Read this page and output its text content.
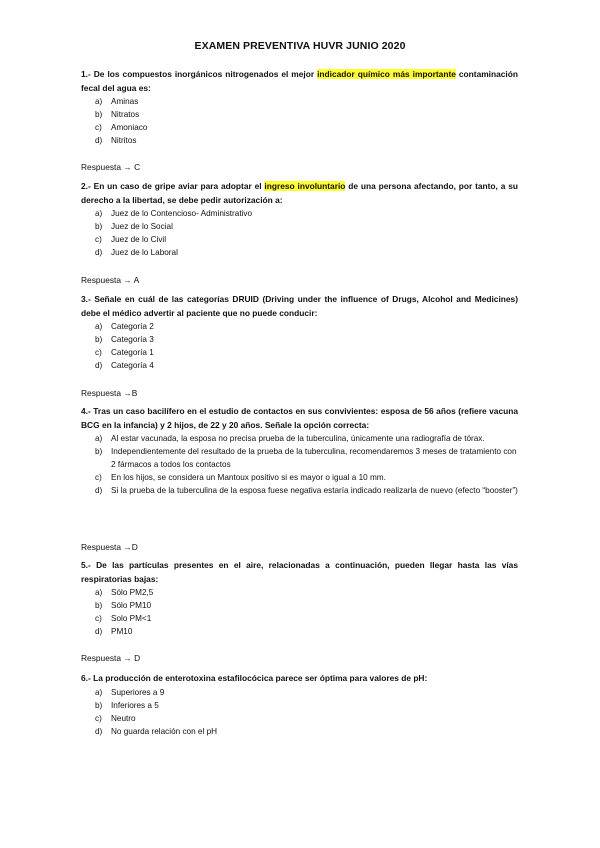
EXAMEN PREVENTIVA HUVR JUNIO 2020
1.- De los compuestos inorgánicos nitrogenados el mejor indicador químico más importante contaminación fecal del agua es:
a) Aminas
b) Nitratos
c) Amoniaco
d) Nitritos
Respuesta → C
2.- En un caso de gripe aviar para adoptar el ingreso involuntario de una persona afectando, por tanto, a su derecho a la libertad, se debe pedir autorización a:
a) Juez de lo Contencioso- Administrativo
b) Juez de lo Social
c) Juez de lo Civil
d) Juez de lo Laboral
Respuesta → A
3.- Señale en cuál de las categorías DRUID (Driving under the influence of Drugs, Alcohol and Medicines) debe el médico advertir al paciente que no puede conducir:
a) Categoría 2
b) Categoría 3
c) Categoría 1
d) Categoría 4
Respuesta →B
4.- Tras un caso bacilífero en el estudio de contactos en sus convivientes: esposa de 56 años (refiere vacuna BCG en la infancia) y 2 hijos, de 22 y 20 años. Señale la opción correcta:
a) Al estar vacunada, la esposa no precisa prueba de la tuberculina, únicamente una radiografía de tórax.
b) Independientemente del resultado de la prueba de la tuberculina, recomendaremos 3 meses de tratamiento con 2 fármacos a todos los contactos
c) En los hijos, se considera un Mantoux positivo si es mayor o igual a 10 mm.
d) Si la prueba de la tuberculina de la esposa fuese negativa estaría indicado realizarla de nuevo (efecto “booster”)
Respuesta →D
5.- De las partículas presentes en el aire, relacionadas a continuación, pueden llegar hasta las vías respiratorias bajas:
a) Sólo PM2,5
b) Sólo PM10
c) Solo PM<1
d) PM10
Respuesta → D
6.- La producción de enterotoxina estafilocócica parece ser óptima para valores de pH:
a) Superiores a 9
b) Inferiores a 5
c) Neutro
d) No guarda relación con el pH
